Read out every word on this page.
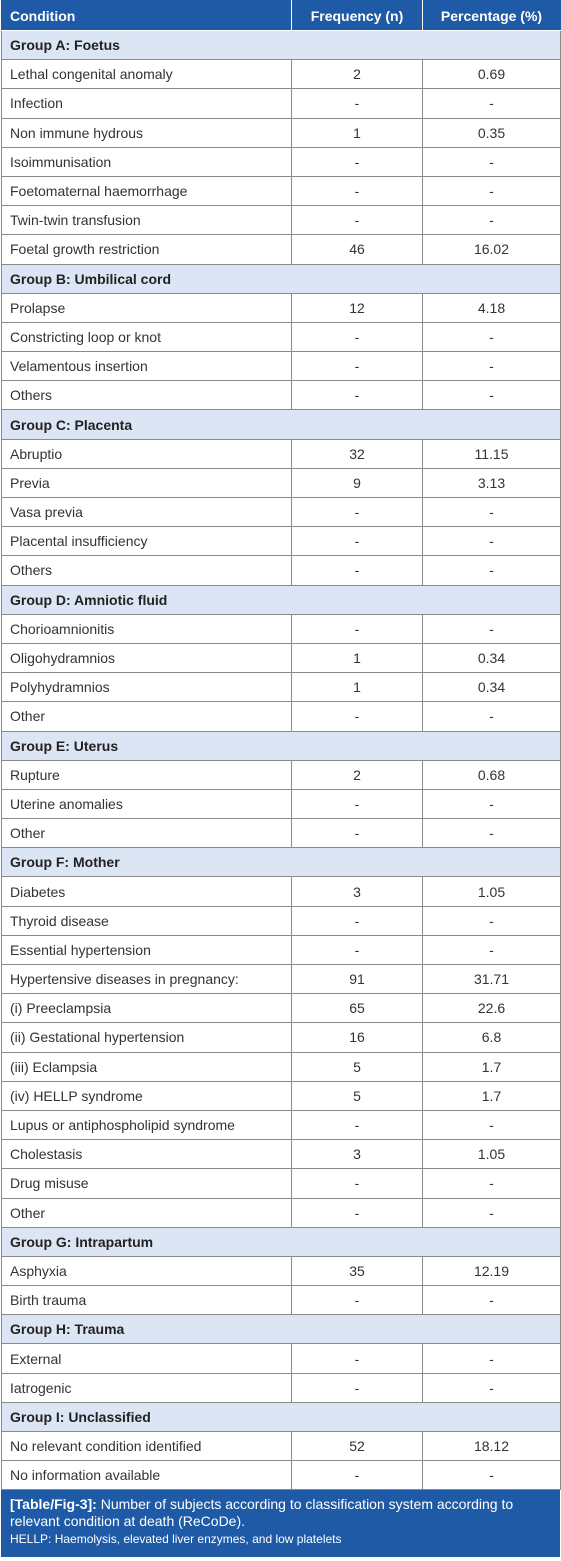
Condition	Frequency (n)	Percentage (%)
Group A: Foetus		
Lethal congenital anomaly	2	0.69
Infection	-	-
Non immune hydrous	1	0.35
Isoimmunisation	-	-
Foetomaternal haemorrhage	-	-
Twin-twin transfusion	-	-
Foetal growth restriction	46	16.02
Group B: Umbilical cord		
Prolapse	12	4.18
Constricting loop or knot	-	-
Velamentous insertion	-	-
Others	-	-
Group C: Placenta		
Abruptio	32	11.15
Previa	9	3.13
Vasa previa	-	-
Placental insufficiency	-	-
Others	-	-
Group D: Amniotic fluid		
Chorioamnionitis	-	-
Oligohydramnios	1	0.34
Polyhydramnios	1	0.34
Other	-	-
Group E: Uterus		
Rupture	2	0.68
Uterine anomalies	-	-
Other	-	-
Group F: Mother		
Diabetes	3	1.05
Thyroid disease	-	-
Essential hypertension	-	-
Hypertensive diseases in pregnancy:	91	31.71
(i) Preeclampsia	65	22.6
(ii) Gestational hypertension	16	6.8
(iii) Eclampsia	5	1.7
(iv) HELLP syndrome	5	1.7
Lupus or antiphospholipid syndrome	-	-
Cholestasis	3	1.05
Drug misuse	-	-
Other	-	-
Group G: Intrapartum		
Asphyxia	35	12.19
Birth trauma	-	-
Group H: Trauma		
External	-	-
Iatrogenic	-	-
Group I: Unclassified		
No relevant condition identified	52	18.12
No information available	-	-
[Table/Fig-3]: Number of subjects according to classification system according to relevant condition at death (ReCoDe).
HELLP: Haemolysis, elevated liver enzymes, and low platelets
